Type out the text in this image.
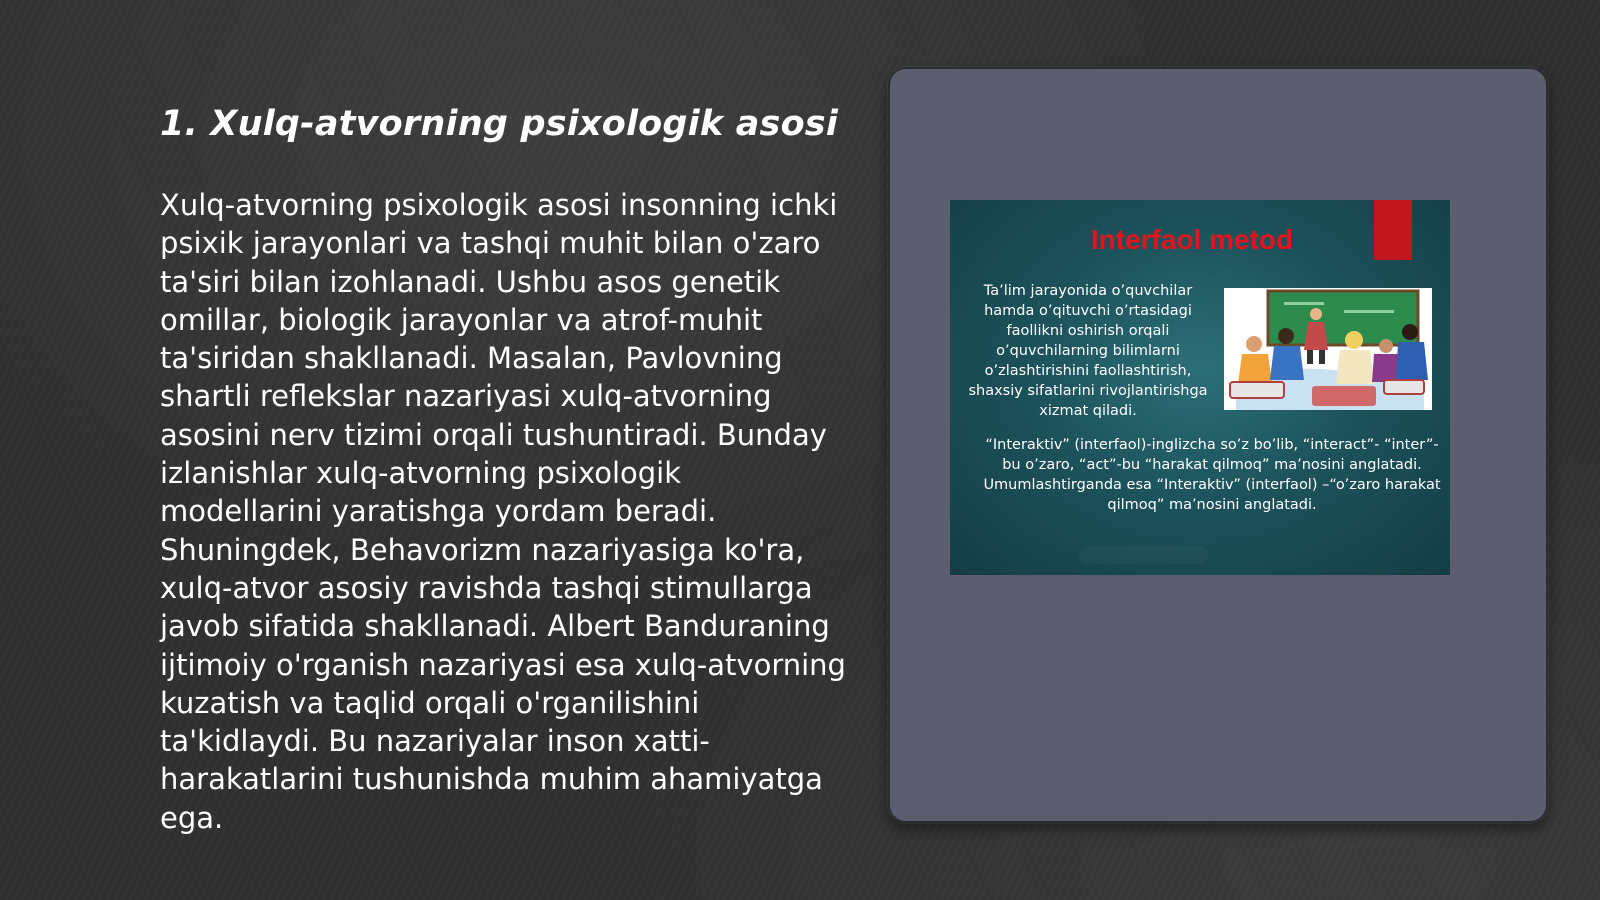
1. Xulq-atvorning psixologik asosi

Xulq-atvorning psixologik asosi insonning ichki psixik jarayonlari va tashqi muhit bilan o'zaro ta'siri bilan izohlanadi. Ushbu asos genetik omillar, biologik jarayonlar va atrof-muhit ta'siridan shakllanadi. Masalan, Pavlovning shartli reflekslar nazariyasi xulq-atvorning asosini nerv tizimi orqali tushuntiradi. Bunday izlanishlar xulq-atvorning psixologik modellarini yaratishga yordam beradi. Shuningdek, Behavorizm nazariyasiga ko'ra, xulq-atvor asosiy ravishda tashqi stimullarga javob sifatida shakllanadi. Albert Banduraning ijtimoiy o'rganish nazariyasi esa xulq-atvorning kuzatish va taqlid orqali o'rganilishini ta'kidlaydi. Bu nazariyalar inson xatti-harakatlarini tushunishda muhim ahamiyatga ega.

Interfaol metod
Ta’lim jarayonida o’quvchilar hamda o’qituvchi o’rtasidagi faollikni oshirish orqali o’quvchilarning bilimlarni o’zlashtirishini faollashtirish, shaxsiy sifatlarini rivojlantirishga xizmat qiladi.
“Interaktiv” (interfaol)-inglizcha so’z bo’lib, “interact”- “inter”-bu o’zaro, “act”-bu “harakat qilmoq” ma’nosini anglatadi. Umumlashtirganda esa “Interaktiv” (interfaol) –“o’zaro harakat qilmoq” ma’nosini anglatadi.
